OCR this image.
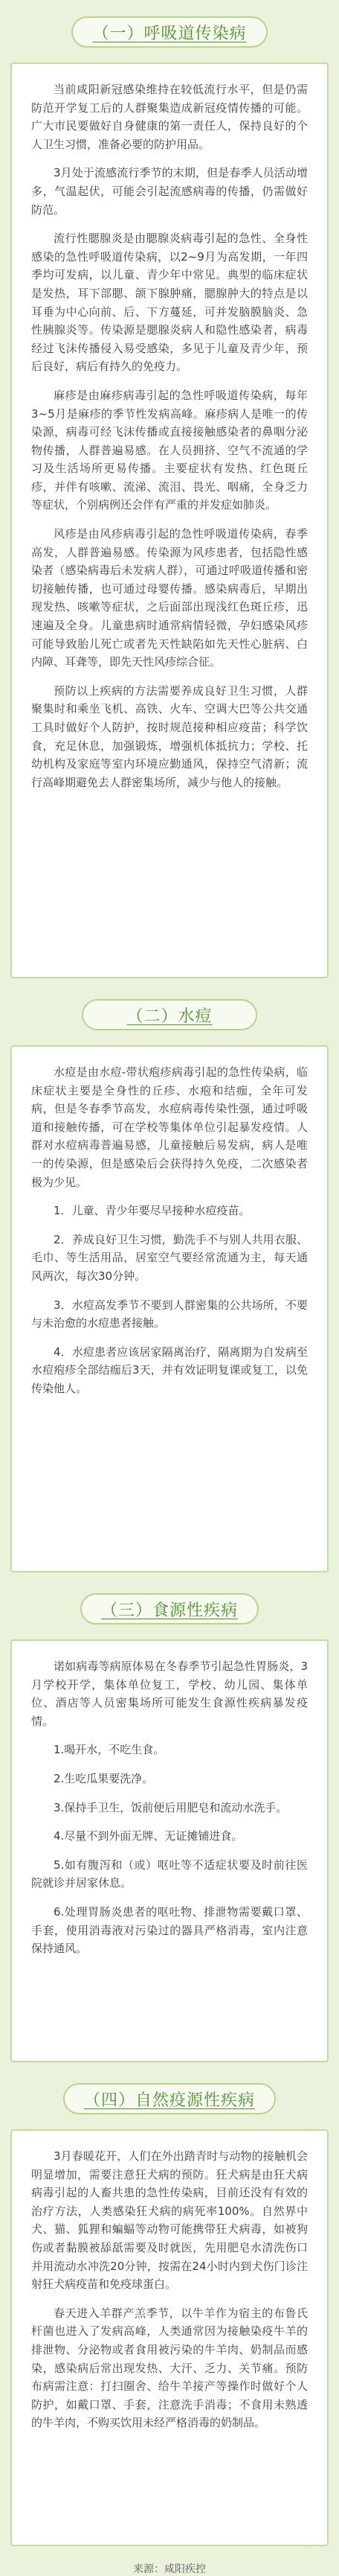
（一）呼吸道传染病

当前咸阳新冠感染维持在较低流行水平，但是仍需防范开学复工后的人群聚集造成新冠疫情传播的可能。广大市民要做好自身健康的第一责任人，保持良好的个人卫生习惯，准备必要的防护用品。

3月处于流感流行季节的末期，但是春季人员活动增多，气温起伏，可能会引起流感病毒的传播，仍需做好防范。

流行性腮腺炎是由腮腺炎病毒引起的急性、全身性感染的急性呼吸道传染病，以2~9月为高发期，一年四季均可发病，以儿童、青少年中常见。典型的临床症状是发热，耳下部腮、颌下腺肿痛，腮腺肿大的特点是以耳垂为中心向前、后、下方蔓延，可并发脑膜脑炎、急性胰腺炎等。传染源是腮腺炎病人和隐性感染者，病毒经过飞沫传播侵入易受感染，多见于儿童及青少年，预后良好，病后有持久的免疫力。

麻疹是由麻疹病毒引起的急性呼吸道传染病，每年3~5月是麻疹的季节性发病高峰。麻疹病人是唯一的传染源，病毒可经飞沫传播或直接接触感染者的鼻咽分泌物传播，人群普遍易感。在人员拥挤、空气不流通的学习及生活场所更易传播。主要症状有发热、红色斑丘疹，并伴有咳嗽、流涕、流泪、畏光、咽痛，全身乏力等症状，个别病例还会伴有严重的并发症如肺炎。

风疹是由风疹病毒引起的急性呼吸道传染病，春季高发，人群普遍易感。传染源为风疹患者，包括隐性感染者（感染病毒后未发病人群），可通过呼吸道传播和密切接触传播，也可通过母婴传播。感染病毒后，早期出现发热、咳嗽等症状，之后面部出现浅红色斑丘疹，迅速遍及全身。儿童患病时通常病情轻微，孕妇感染风疹可能导致胎儿死亡或者先天性缺陷如先天性心脏病、白内障、耳聋等，即先天性风疹综合征。

预防以上疾病的方法需要养成良好卫生习惯，人群聚集时和乘坐飞机、高铁、火车、空调大巴等公共交通工具时做好个人防护，按时规范接种相应疫苗；科学饮食，充足休息，加强锻炼，增强机体抵抗力；学校、托幼机构及家庭等室内环境应勤通风，保持空气清新；流行高峰期避免去人群密集场所，减少与他人的接触。

（二）水痘

水痘是由水痘-带状疱疹病毒引起的急性传染病，临床症状主要是全身性的丘疹、水疱和结痂，全年可发病，但是冬春季节高发，水痘病毒传染性强，通过呼吸道和接触传播，可在学校等集体单位引起暴发疫情。人群对水痘病毒普遍易感，儿童接触后易发病，病人是唯一的传染源，但是感染后会获得持久免疫，二次感染者极为少见。

1．儿童、青少年要尽早接种水痘疫苗。

2．养成良好卫生习惯，勤洗手不与别人共用衣服、毛巾、等生活用品，居室空气要经常流通为主，每天通风两次，每次30分钟。

3．水痘高发季节不要到人群密集的公共场所，不要与未治愈的水痘患者接触。

4．水痘患者应该居家隔离治疗，隔离期为自发病至水痘疱疹全部结痂后3天，并有效证明复课或复工，以免传染他人。

（三）食源性疾病

诺如病毒等病原体易在冬春季节引起急性胃肠炎，3月学校开学，集体单位复工，学校、幼儿园、集体单位、酒店等人员密集场所可能发生食源性疾病暴发疫情。

1.喝开水，不吃生食。

2.生吃瓜果要洗净。

3.保持手卫生，饭前便后用肥皂和流动水洗手。

4.尽量不到外面无牌、无证摊铺进食。

5.如有腹泻和（或）呕吐等不适症状要及时前往医院就诊并居家休息。

6.处理胃肠炎患者的呕吐物、排泄物需要戴口罩、手套，使用消毒液对污染过的器具严格消毒，室内注意保持通风。

（四）自然疫源性疾病

3月春暖花开，人们在外出踏青时与动物的接触机会明显增加，需要注意狂犬病的预防。狂犬病是由狂犬病病毒引起的人畜共患的急性传染病，目前还没有有效的治疗方法，人类感染狂犬病的病死率100%。自然界中犬、猫、狐狸和蝙蝠等动物可能携带狂犬病毒，如被狗伤或者黏膜被舔舐需要及时就医，先用肥皂水清洗伤口并用流动水冲洗20分钟，按需在24小时内到犬伤门诊注射狂犬病疫苗和免疫球蛋白。

春天进入羊群产羔季节，以牛羊作为宿主的布鲁氏杆菌也进入了发病高峰，人类通常因为接触染疫牛羊的排泄物、分泌物或者食用被污染的牛羊肉、奶制品而感染，感染病后常出现发热、大汗、乏力、关节痛。预防布病需注意：打扫圈舍、给牛羊接产等操作时做好个人防护，如戴口罩、手套，注意洗手消毒；不食用未熟透的牛羊肉，不购买饮用未经严格消毒的奶制品。

来源：咸阳疾控
